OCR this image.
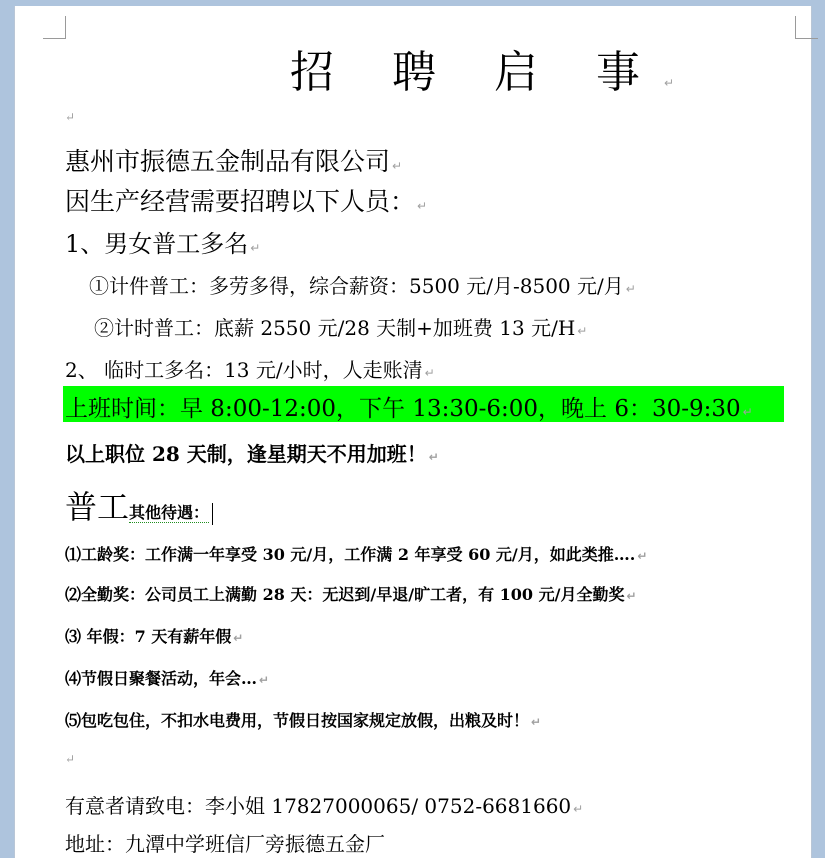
招 聘 启 事 ↵
↵
惠州市振德五金制品有限公司 ↵
因生产经营需要招聘以下人员： ↵
1、男女普工多名 ↵
①计件普工：多劳多得，综合薪资：5500 元/月-8500 元/月 ↵
②计时普工：底薪 2550 元/28 天制+加班费 13 元/H ↵
2、 临时工多名：13 元/小时，人走账清 ↵
上班时间：早 8:00-12:00，下午 13:30-6:00，晚上 6：30-9:30 ↵
以上职位 28 天制，逢星期天不用加班！ ↵
普工其他待遇：
⑴工龄奖：工作满一年享受 30 元/月，工作满 2 年享受 60 元/月，如此类推…. ↵
⑵全勤奖：公司员工上满勤 28 天：无迟到/早退/旷工者，有 100 元/月全勤奖 ↵
⑶ 年假：7 天有薪年假 ↵
⑷节假日聚餐活动，年会… ↵
⑸包吃包住，不扣水电费用，节假日按国家规定放假，出粮及时！ ↵
↵
有意者请致电：李小姐 17827000065/ 0752-6681660 ↵
地址：九潭中学班信厂旁振德五金厂
